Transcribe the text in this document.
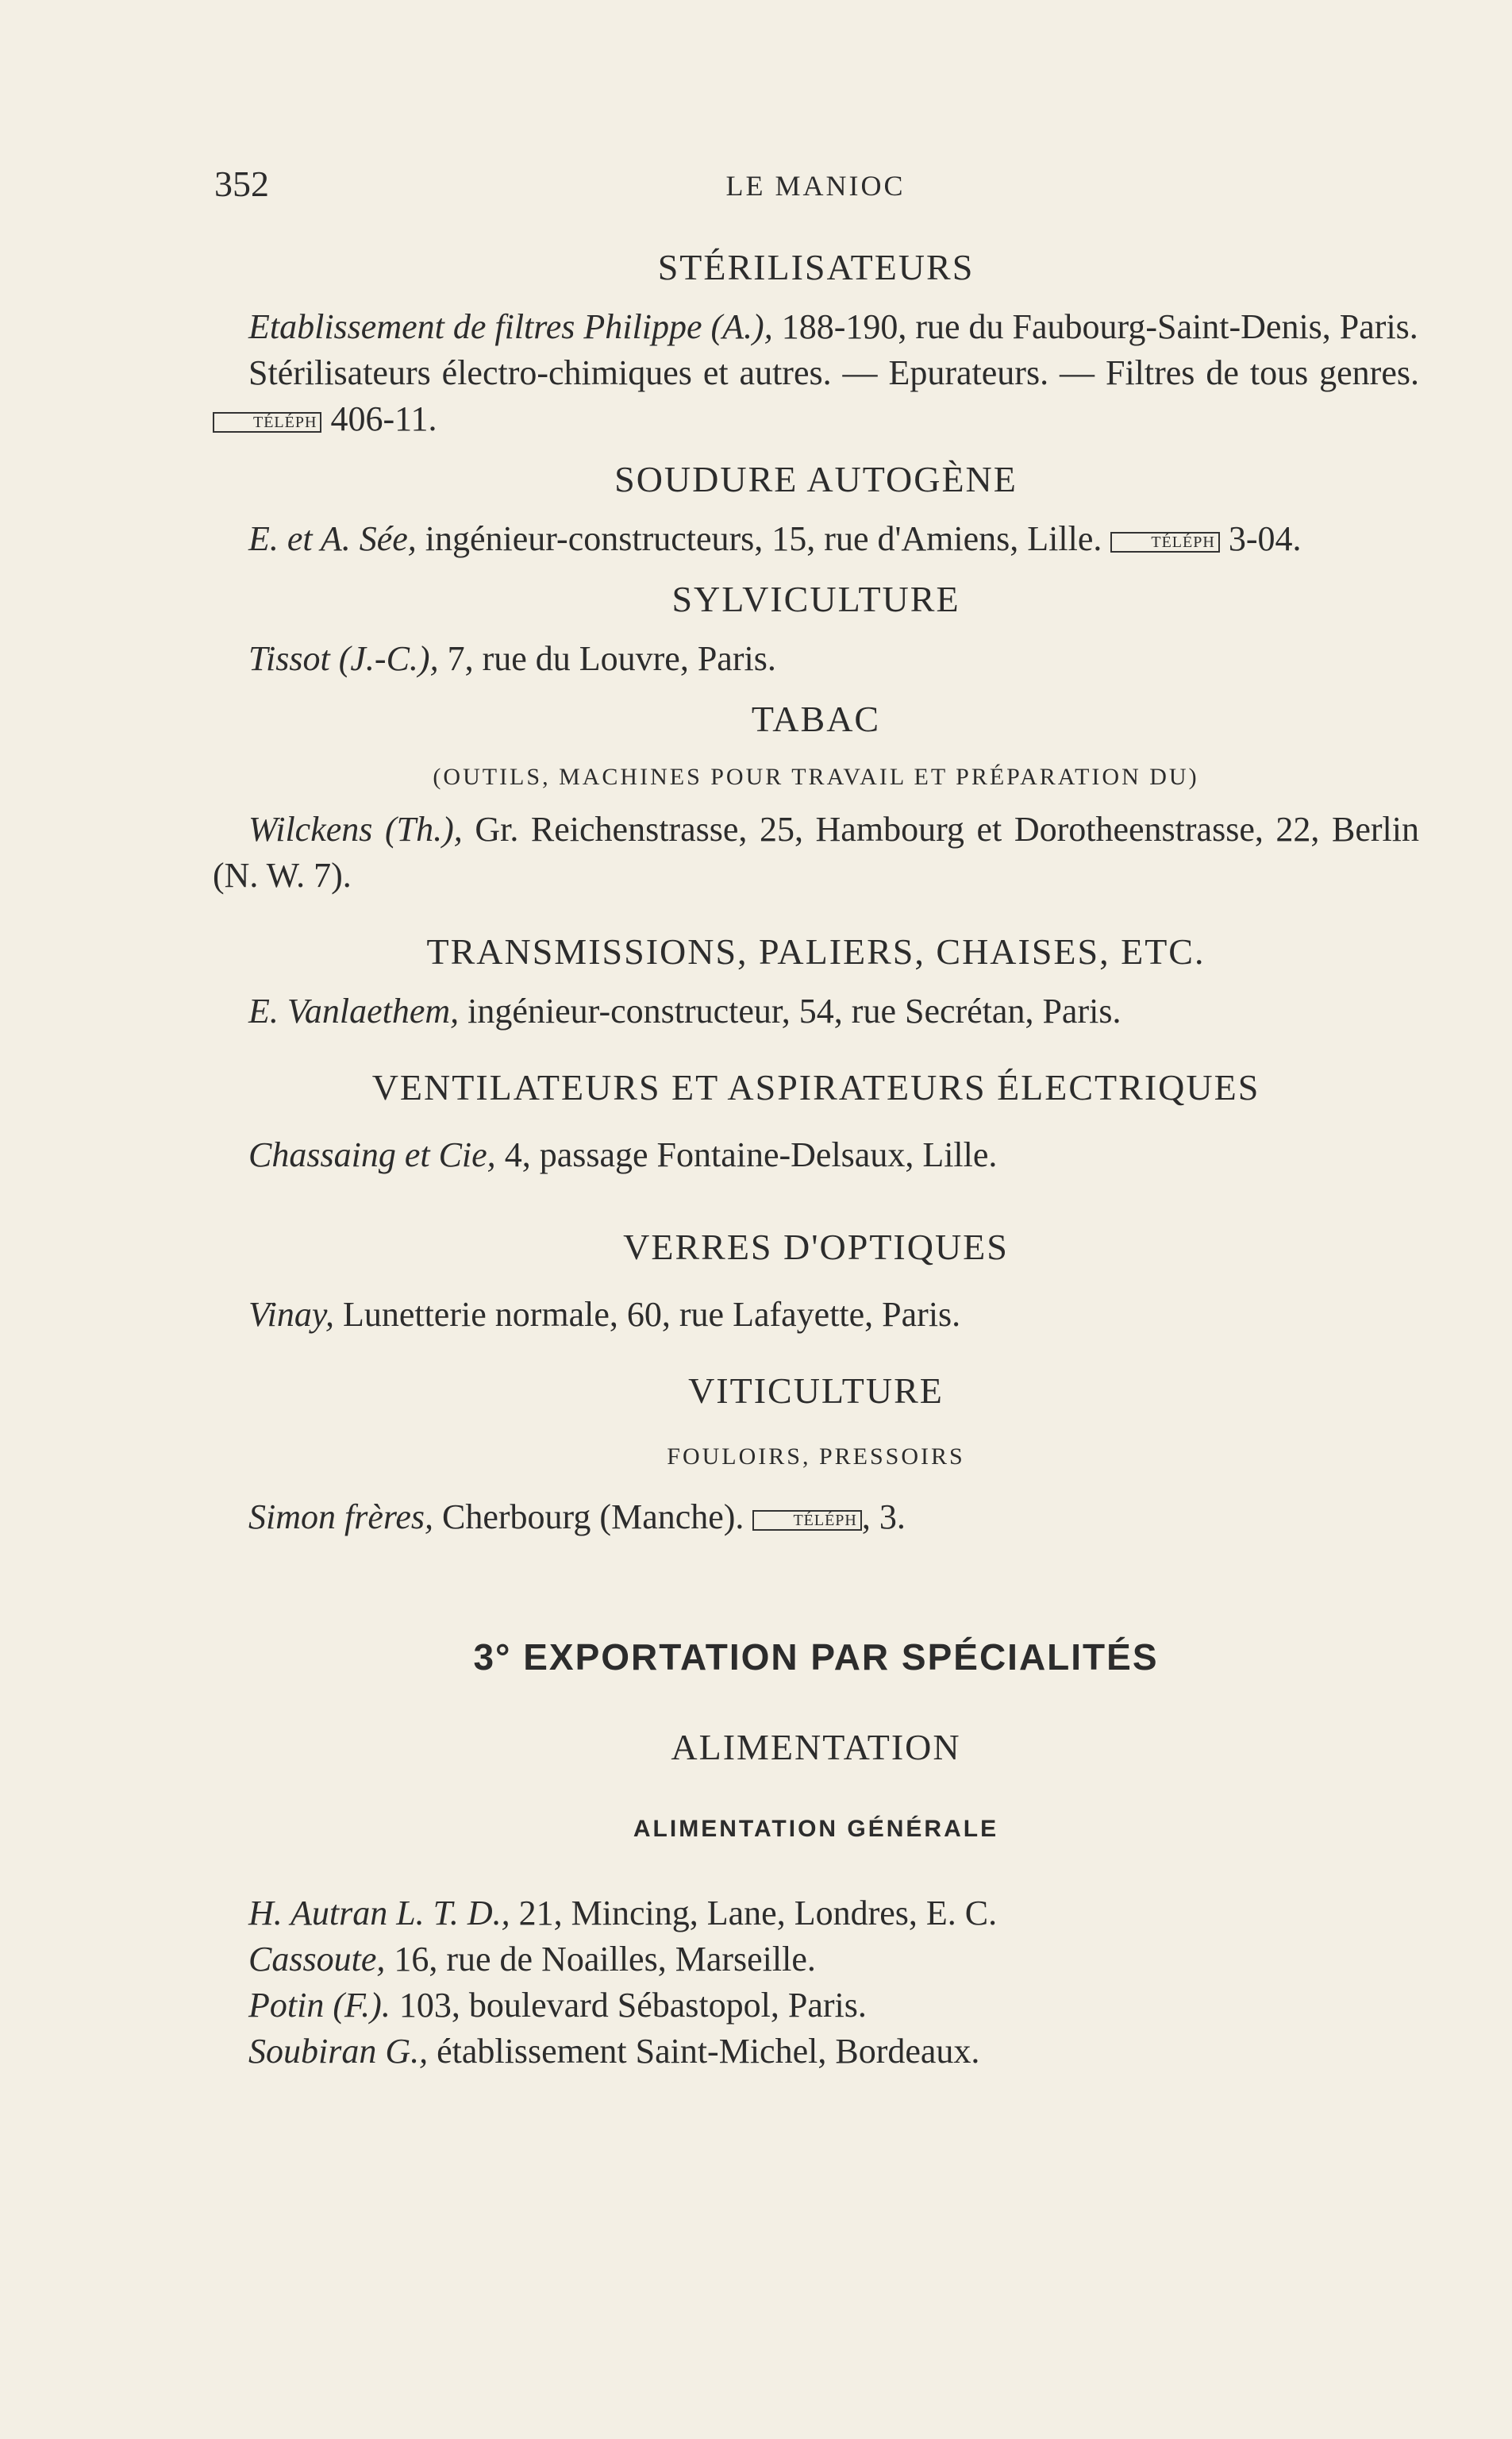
352	LE MANIOC

STÉRILISATEURS

Etablissement de filtres Philippe (A.), 188-190, rue du Faubourg-Saint-Denis, Paris.

Stérilisateurs électro-chimiques et autres. — Epurateurs. — Filtres de tous genres. TÉLÉPH 406-11.

SOUDURE AUTOGÈNE

E. et A. Sée, ingénieur-constructeurs, 15, rue d'Amiens, Lille.	TÉLÉPH 3-04.

SYLVICULTURE

Tissot (J.-C.), 7, rue du Louvre, Paris.

TABAC

(OUTILS, MACHINES POUR TRAVAIL ET PRÉPARATION DU)

Wilckens (Th.), Gr. Reichenstrasse, 25, Hambourg et Dorotheenstrasse, 22, Berlin (N. W. 7).

TRANSMISSIONS, PALIERS, CHAISES, ETC.

E. Vanlaethem, ingénieur-constructeur, 54, rue Secrétan, Paris.

VENTILATEURS ET ASPIRATEURS ÉLECTRIQUES

Chassaing et Cie, 4, passage Fontaine-Delsaux, Lille.

VERRES D'OPTIQUES

Vinay, Lunetterie normale, 60, rue Lafayette, Paris.

VITICULTURE

FOULOIRS, PRESSOIRS

Simon frères, Cherbourg (Manche).	TÉLÉPH , 3.

3° EXPORTATION PAR SPÉCIALITÉS

ALIMENTATION

ALIMENTATION GÉNÉRALE

H. Autran L. T. D., 21, Mincing, Lane, Londres, E. C.

Cassoute, 16, rue de Noailles, Marseille.

Potin (F.). 103, boulevard Sébastopol, Paris.

Soubiran G., établissement Saint-Michel, Bordeaux.
